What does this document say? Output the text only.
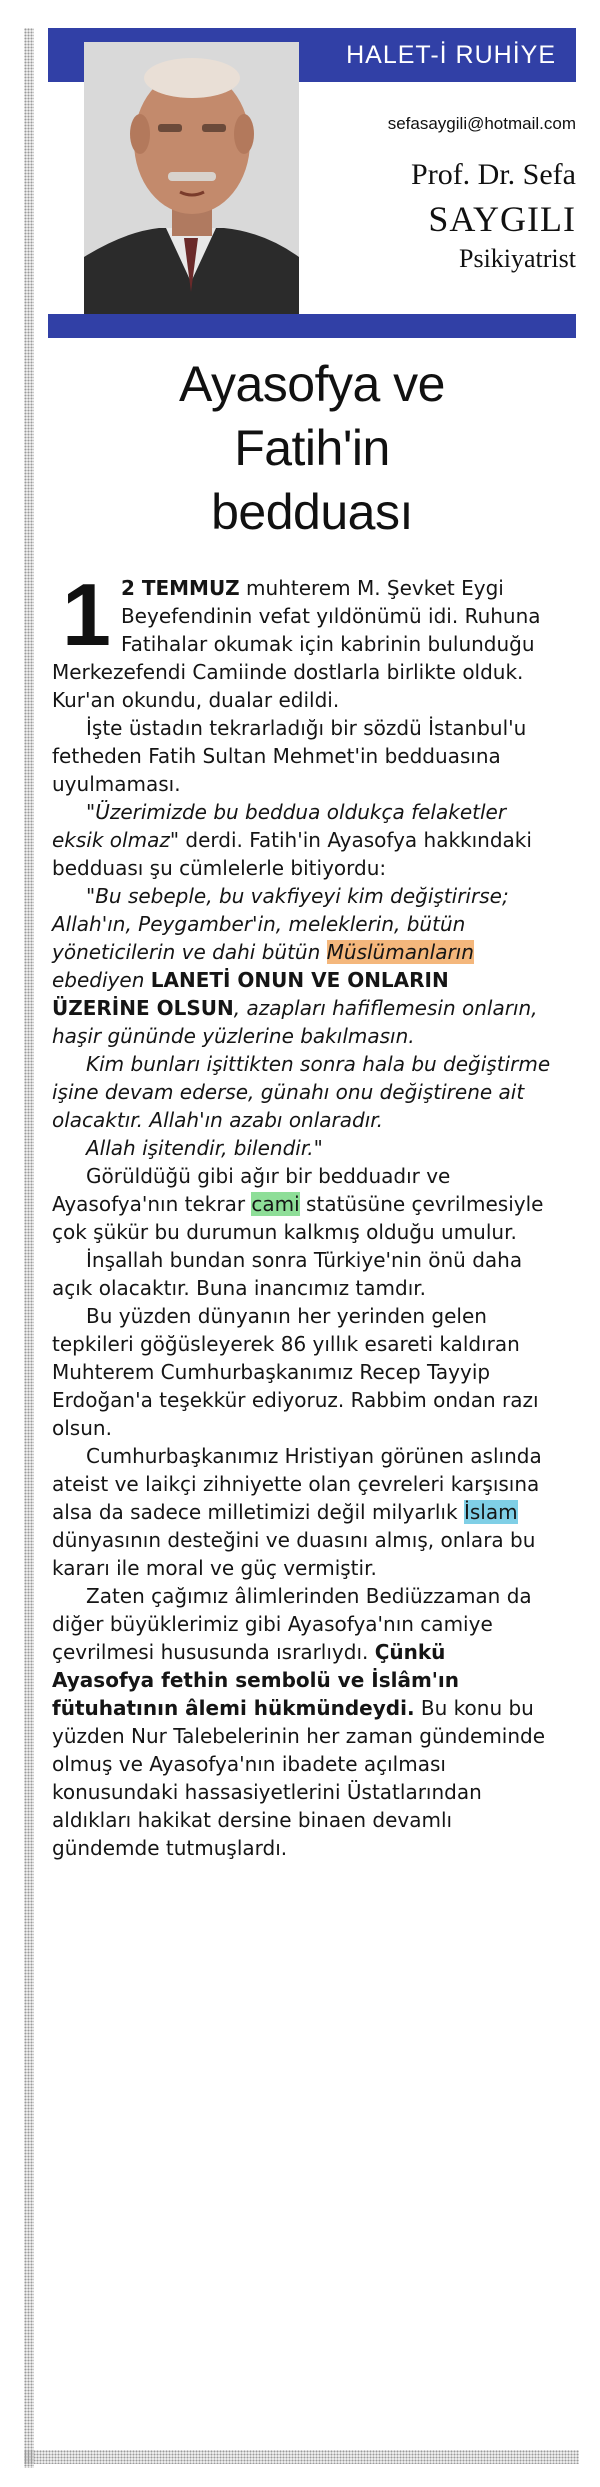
HALET-İ RUHİYE
sefasaygili@hotmail.com
Prof. Dr. Sefa
SAYGILI
Psikiyatrist
Ayasofya ve
Fatih'in
bedduası

1 2 TEMMUZ muhterem M. Şevket Eygi Beyefendinin vefat yıldönümü idi. Ruhuna Fatihalar okumak için kabrinin bulunduğu Merkezefendi Camiinde dostlarla birlikte olduk. Kur'an okundu, dualar edildi.

İşte üstadın tekrarladığı bir sözdü İstanbul'u fetheden Fatih Sultan Mehmet'in bedduasına uyulmaması.

"Üzerimizde bu beddua oldukça felaketler eksik olmaz" derdi. Fatih'in Ayasofya hakkındaki bedduası şu cümlelerle bitiyordu:

"Bu sebeple, bu vakfiyeyi kim değiştirirse; Allah'ın, Peygamber'in, meleklerin, bütün yöneticilerin ve dahi bütün Müslümanların ebediyen LANETİ ONUN VE ONLARIN ÜZERİNE OLSUN, azapları hafiflemesin onların, haşir gününde yüzlerine bakılmasın.

Kim bunları işittikten sonra hala bu değiştirme işine devam ederse, günahı onu değiştirene ait olacaktır. Allah'ın azabı onlaradır.

Allah işitendir, bilendir."

Görüldüğü gibi ağır bir bedduadır ve Ayasofya'nın tekrar cami statüsüne çevrilmesiyle çok şükür bu durumun kalkmış olduğu umulur.

İnşallah bundan sonra Türkiye'nin önü daha açık olacaktır. Buna inancımız tamdır.

Bu yüzden dünyanın her yerinden gelen tepkileri göğüsleyerek 86 yıllık esareti kaldıran Muhterem Cumhurbaşkanımız Recep Tayyip Erdoğan'a teşekkür ediyoruz. Rabbim ondan razı olsun.

Cumhurbaşkanımız Hristiyan görünen aslında ateist ve laikçi zihniyette olan çevreleri karşısına alsa da sadece milletimizi değil milyarlık İslam dünyasının desteğini ve duasını almış, onlara bu kararı ile moral ve güç vermiştir.

Zaten çağımız âlimlerinden Bediüzzaman da diğer büyüklerimiz gibi Ayasofya'nın camiye çevrilmesi hususunda ısrarlıydı. Çünkü Ayasofya fethin sembolü ve İslâm'ın fütuhatının âlemi hükmündeydi. Bu konu bu yüzden Nur Talebelerinin her zaman gündeminde olmuş ve Ayasofya'nın ibadete açılması konusundaki hassasiyetlerini Üstatlarından aldıkları hakikat dersine binaen devamlı gündemde tutmuşlardı.
